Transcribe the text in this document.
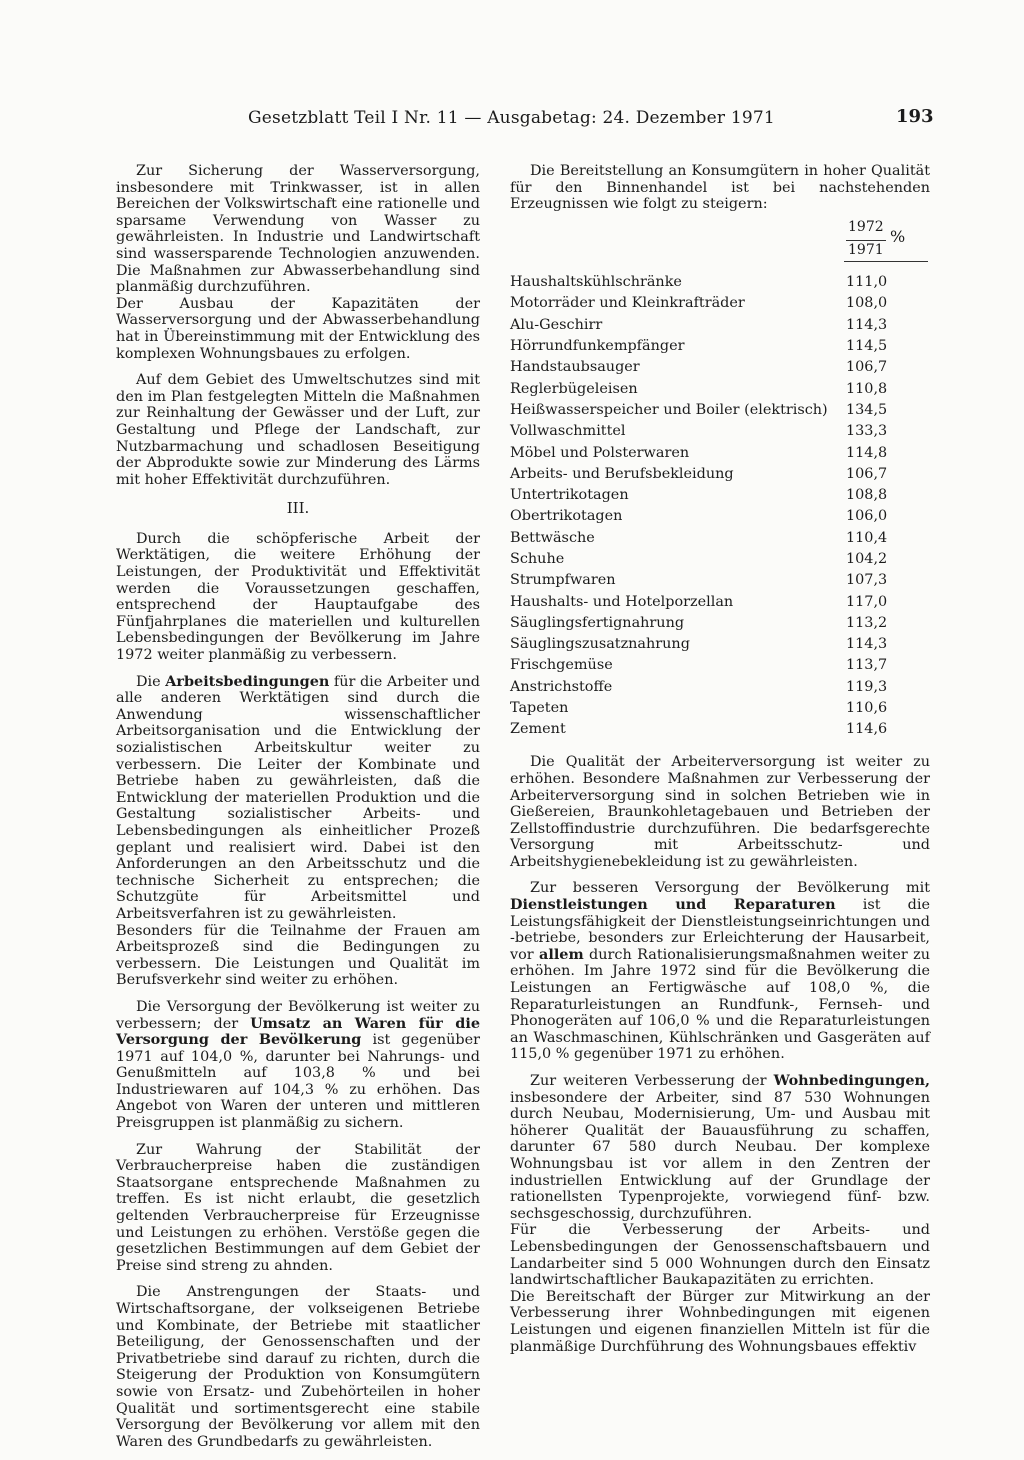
Gesetzblatt Teil I Nr. 11 — Ausgabetag: 24. Dezember 1971	193

Zur Sicherung der Wasserversorgung, insbesondere mit Trinkwasser, ist in allen Bereichen der Volkswirtschaft eine rationelle und sparsame Verwendung von Wasser zu gewährleisten. In Industrie und Landwirtschaft sind wassersparende Technologien anzuwenden. Die Maßnahmen zur Abwasserbehandlung sind planmäßig durchzuführen.

Der Ausbau der Kapazitäten der Wasserversorgung und der Abwasserbehandlung hat in Übereinstimmung mit der Entwicklung des komplexen Wohnungsbaues zu erfolgen.

Auf dem Gebiet des Umweltschutzes sind mit den im Plan festgelegten Mitteln die Maßnahmen zur Reinhaltung der Gewässer und der Luft, zur Gestaltung und Pflege der Landschaft, zur Nutzbarmachung und schadlosen Beseitigung der Abprodukte sowie zur Minderung des Lärms mit hoher Effektivität durchzuführen.

III.

Durch die schöpferische Arbeit der Werktätigen, die weitere Erhöhung der Leistungen, der Produktivität und Effektivität werden die Voraussetzungen geschaffen, entsprechend der Hauptaufgabe des Fünfjahrplanes die materiellen und kulturellen Lebensbedingungen der Bevölkerung im Jahre 1972 weiter planmäßig zu verbessern.

Die Arbeitsbedingungen für die Arbeiter und alle anderen Werktätigen sind durch die Anwendung wissenschaftlicher Arbeitsorganisation und die Entwicklung der sozialistischen Arbeitskultur weiter zu verbessern. Die Leiter der Kombinate und Betriebe haben zu gewährleisten, daß die Entwicklung der materiellen Produktion und die Gestaltung sozialistischer Arbeits- und Lebensbedingungen als einheitlicher Prozeß geplant und realisiert wird. Dabei ist den Anforderungen an den Arbeitsschutz und die technische Sicherheit zu entsprechen; die Schutzgüte für Arbeitsmittel und Arbeitsverfahren ist zu gewährleisten.

Besonders für die Teilnahme der Frauen am Arbeitsprozeß sind die Bedingungen zu verbessern. Die Leistungen und Qualität im Berufsverkehr sind weiter zu erhöhen.

Die Versorgung der Bevölkerung ist weiter zu verbessern; der Umsatz an Waren für die Versorgung der Bevölkerung ist gegenüber 1971 auf 104,0 %, darunter bei Nahrungs- und Genußmitteln auf 103,8 % und bei Industriewaren auf 104,3 % zu erhöhen. Das Angebot von Waren der unteren und mittleren Preisgruppen ist planmäßig zu sichern.

Zur Wahrung der Stabilität der Verbraucherpreise haben die zuständigen Staatsorgane entsprechende Maßnahmen zu treffen. Es ist nicht erlaubt, die gesetzlich geltenden Verbraucherpreise für Erzeugnisse und Leistungen zu erhöhen. Verstöße gegen die gesetzlichen Bestimmungen auf dem Gebiet der Preise sind streng zu ahnden.

Die Anstrengungen der Staats- und Wirtschaftsorgane, der volkseigenen Betriebe und Kombinate, der Betriebe mit staatlicher Beteiligung, der Genossenschaften und der Privatbetriebe sind darauf zu richten, durch die Steigerung der Produktion von Konsumgütern sowie von Ersatz- und Zubehörteilen in hoher Qualität und sortimentsgerecht eine stabile Versorgung der Bevölkerung vor allem mit den Waren des Grundbedarfs zu gewährleisten.

Die Bereitstellung an Konsumgütern in hoher Qualität für den Binnenhandel ist bei nachstehenden Erzeugnissen wie folgt zu steigern:

1972
1971
%
Haushaltskühlschränke	111,0
Motorräder und Kleinkrafträder	108,0
Alu-Geschirr	114,3
Hörrundfunkempfänger	114,5
Handstaubsauger	106,7
Reglerbügeleisen	110,8
Heißwasserspeicher und Boiler (elektrisch)	134,5
Vollwaschmittel	133,3
Möbel und Polsterwaren	114,8
Arbeits- und Berufsbekleidung	106,7
Untertrikotagen	108,8
Obertrikotagen	106,0
Bettwäsche	110,4
Schuhe	104,2
Strumpfwaren	107,3
Haushalts- und Hotelporzellan	117,0
Säuglingsfertignahrung	113,2
Säuglingszusatznahrung	114,3
Frischgemüse	113,7
Anstrichstoffe	119,3
Tapeten	110,6
Zement	114,6

Die Qualität der Arbeiterversorgung ist weiter zu erhöhen. Besondere Maßnahmen zur Verbesserung der Arbeiterversorgung sind in solchen Betrieben wie in Gießereien, Braunkohletagebauen und Betrieben der Zellstoffindustrie durchzuführen. Die bedarfsgerechte Versorgung mit Arbeitsschutz- und Arbeitshygienebekleidung ist zu gewährleisten.

Zur besseren Versorgung der Bevölkerung mit Dienstleistungen und Reparaturen ist die Leistungsfähigkeit der Dienstleistungseinrichtungen und -betriebe, besonders zur Erleichterung der Hausarbeit, vor allem durch Rationalisierungsmaßnahmen weiter zu erhöhen. Im Jahre 1972 sind für die Bevölkerung die Leistungen an Fertigwäsche auf 108,0 %, die Reparaturleistungen an Rundfunk-, Fernseh- und Phonogeräten auf 106,0 % und die Reparaturleistungen an Waschmaschinen, Kühlschränken und Gasgeräten auf 115,0 % gegenüber 1971 zu erhöhen.

Zur weiteren Verbesserung der Wohnbedingungen, insbesondere der Arbeiter, sind 87 530 Wohnungen durch Neubau, Modernisierung, Um- und Ausbau mit höherer Qualität der Bauausführung zu schaffen, darunter 67 580 durch Neubau. Der komplexe Wohnungsbau ist vor allem in den Zentren der industriellen Entwicklung auf der Grundlage der rationellsten Typenprojekte, vorwiegend fünf- bzw. sechsgeschossig, durchzuführen.

Für die Verbesserung der Arbeits- und Lebensbedingungen der Genossenschaftsbauern und Landarbeiter sind 5 000 Wohnungen durch den Einsatz landwirtschaftlicher Baukapazitäten zu errichten.

Die Bereitschaft der Bürger zur Mitwirkung an der Verbesserung ihrer Wohnbedingungen mit eigenen Leistungen und eigenen finanziellen Mitteln ist für die planmäßige Durchführung des Wohnungsbaues effektiv
